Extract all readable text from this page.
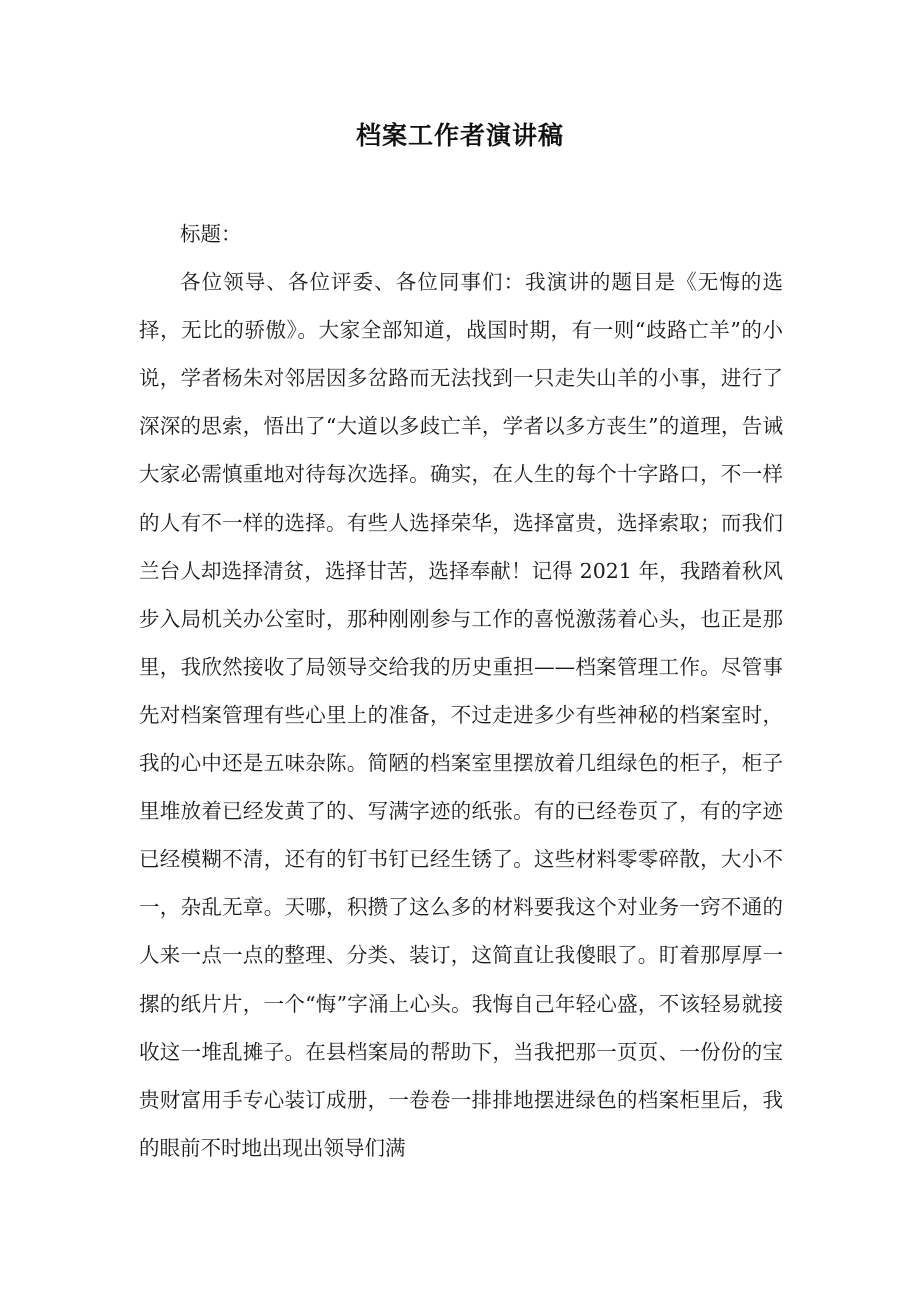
档案工作者演讲稿

标题：

各位领导、各位评委、各位同事们：我演讲的题目是《无悔的选择，无比的骄傲》。大家全部知道，战国时期，有一则“歧路亡羊”的小说，学者杨朱对邻居因多岔路而无法找到一只走失山羊的小事，进行了深深的思索，悟出了“大道以多歧亡羊，学者以多方丧生”的道理，告诫大家必需慎重地对待每次选择。确实，在人生的每个十字路口，不一样的人有不一样的选择。有些人选择荣华，选择富贵，选择索取；而我们兰台人却选择清贫，选择甘苦，选择奉献！记得 2021 年，我踏着秋风步入局机关办公室时，那种刚刚参与工作的喜悦激荡着心头，也正是那里，我欣然接收了局领导交给我的历史重担——档案管理工作。尽管事先对档案管理有些心里上的准备，不过走进多少有些神秘的档案室时，我的心中还是五味杂陈。简陋的档案室里摆放着几组绿色的柜子，柜子里堆放着已经发黄了的、写满字迹的纸张。有的已经卷页了，有的字迹已经模糊不清，还有的钉书钉已经生锈了。这些材料零零碎散，大小不一，杂乱无章。天哪，积攒了这么多的材料要我这个对业务一窍不通的人来一点一点的整理、分类、装订，这简直让我傻眼了。盯着那厚厚一摞的纸片片，一个“悔”字涌上心头。我悔自己年轻心盛，不该轻易就接收这一堆乱摊子。在县档案局的帮助下，当我把那一页页、一份份的宝贵财富用手专心装订成册，一卷卷一排排地摆进绿色的档案柜里后，我的眼前不时地出现出领导们满
